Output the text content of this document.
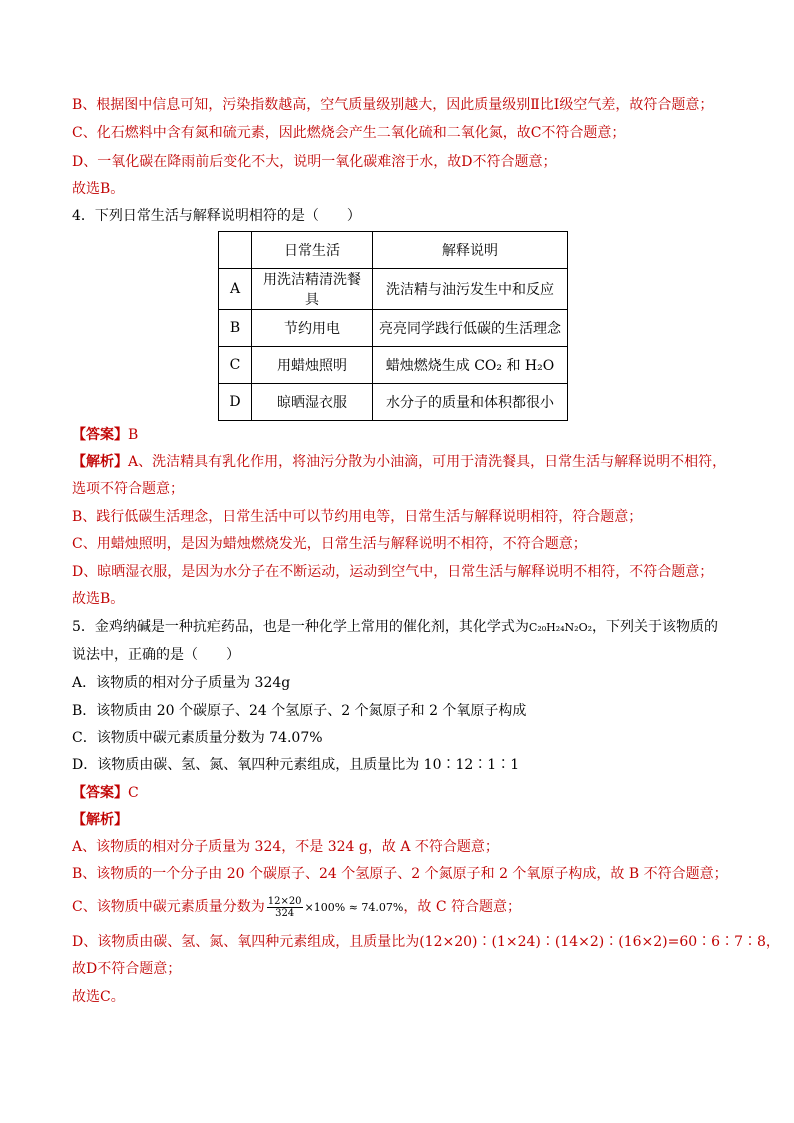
B、根据图中信息可知，污染指数越高，空气质量级别越大，因此质量级别Ⅱ比Ⅰ级空气差，故符合题意；
C、化石燃料中含有氮和硫元素，因此燃烧会产生二氧化硫和二氧化氮，故C不符合题意；
D、一氧化碳在降雨前后变化不大，说明一氧化碳难溶于水，故D不符合题意；
故选B。
4．下列日常生活与解释说明相符的是（　　）
	日常生活	解释说明
A	用洗洁精清洗餐具	洗洁精与油污发生中和反应
B	节约用电	亮亮同学践行低碳的生活理念
C	用蜡烛照明	蜡烛燃烧生成 CO₂ 和 H₂O
D	晾晒湿衣服	水分子的质量和体积都很小
【答案】B
【解析】A、洗洁精具有乳化作用，将油污分散为小油滴，可用于清洗餐具，日常生活与解释说明不相符，
选项不符合题意；
B、践行低碳生活理念，日常生活中可以节约用电等，日常生活与解释说明相符，符合题意；
C、用蜡烛照明，是因为蜡烛燃烧发光，日常生活与解释说明不相符，不符合题意；
D、晾晒湿衣服，是因为水分子在不断运动，运动到空气中，日常生活与解释说明不相符，不符合题意；
故选B。
5．金鸡纳碱是一种抗疟药品，也是一种化学上常用的催化剂，其化学式为C₂₀H₂₄N₂O₂，下列关于该物质的
说法中，正确的是（　　）
A．该物质的相对分子质量为 324g
B．该物质由 20 个碳原子、24 个氢原子、2 个氮原子和 2 个氧原子构成
C．该物质中碳元素质量分数为 74.07%
D．该物质由碳、氢、氮、氧四种元素组成，且质量比为 10∶12∶1∶1
【答案】C
【解析】
A、该物质的相对分子质量为 324，不是 324 g，故 A 不符合题意；
B、该物质的一个分子由 20 个碳原子、24 个氢原子、2 个氮原子和 2 个氧原子构成，故 B 不符合题意；
C、该物质中碳元素质量分数为 $\frac{12\times 20}{324} \times 100\% \approx 74.07\%$，故 C 符合题意；
D、该物质由碳、氢、氮、氧四种元素组成，且质量比为(12×20)∶(1×24)∶(14×2)∶(16×2)=60∶6∶7∶8，
故D不符合题意；
故选C。
